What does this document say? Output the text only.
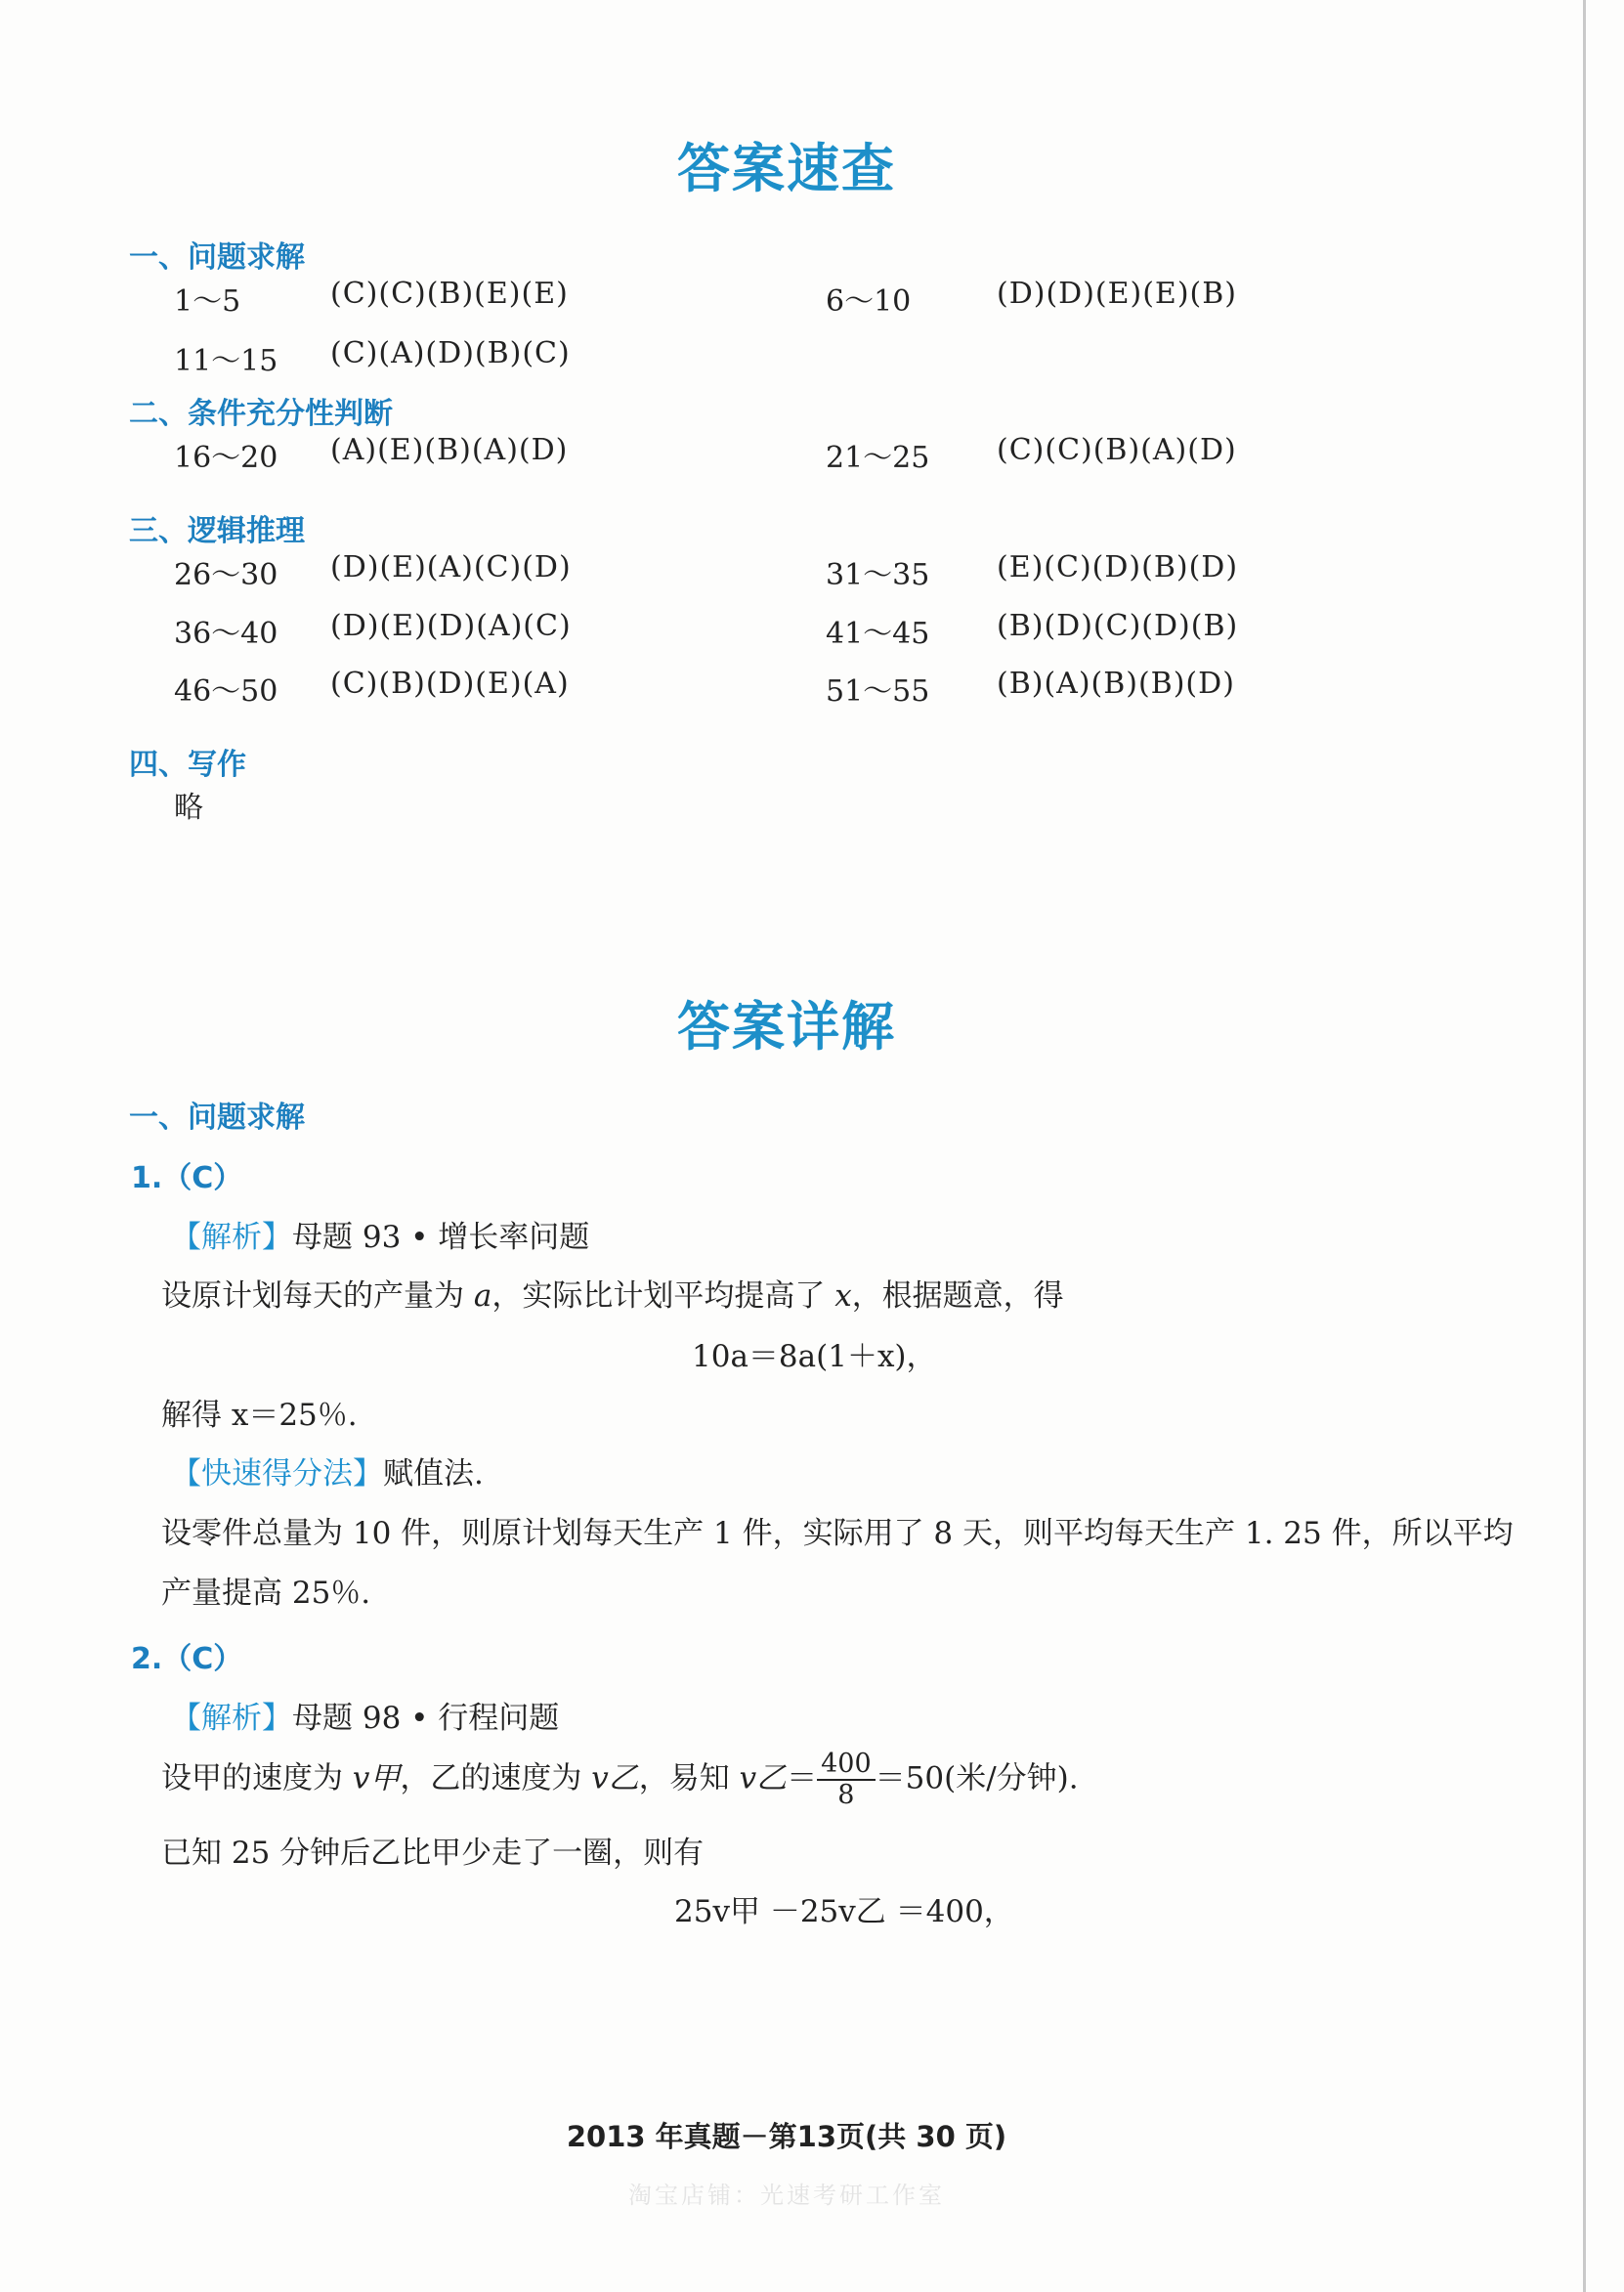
答案速查
一、问题求解
1～5	(C)(C)(B)(E)(E)	6～10	(D)(D)(E)(E)(B)
11～15 (C)(A)(D)(B)(C)
二、条件充分性判断
16～20 (A)(E)(B)(A)(D)	21～25 (C)(C)(B)(A)(D)
三、逻辑推理
26～30 (D)(E)(A)(C)(D)	31～35 (E)(C)(D)(B)(D)
36～40 (D)(E)(D)(A)(C)	41～45 (B)(D)(C)(D)(B)
46～50 (C)(B)(D)(E)(A)	51～55 (B)(A)(B)(B)(D)
四、写作
略
答案详解
一、问题求解
1.（C）
【解析】母题 93 • 增长率问题
设原计划每天的产量为 a，实际比计划平均提高了 x，根据题意，得
10a＝8a(1＋x)，
解得 x＝25％.
【快速得分法】赋值法.
设零件总量为 10 件，则原计划每天生产 1 件，实际用了 8 天，则平均每天生产 1. 25 件，所以平均
产量提高 25％.
2.（C）
【解析】母题 98 • 行程问题
设甲的速度为 v甲，乙的速度为 v乙，易知 v乙＝ $\frac{400}{8} =50$(米/分钟).
已知 25 分钟后乙比甲少走了一圈，则有
25v甲 －25v乙 ＝400，
2013 年真题－第13页(共 30 页)
淘宝店铺：光速考研工作室
